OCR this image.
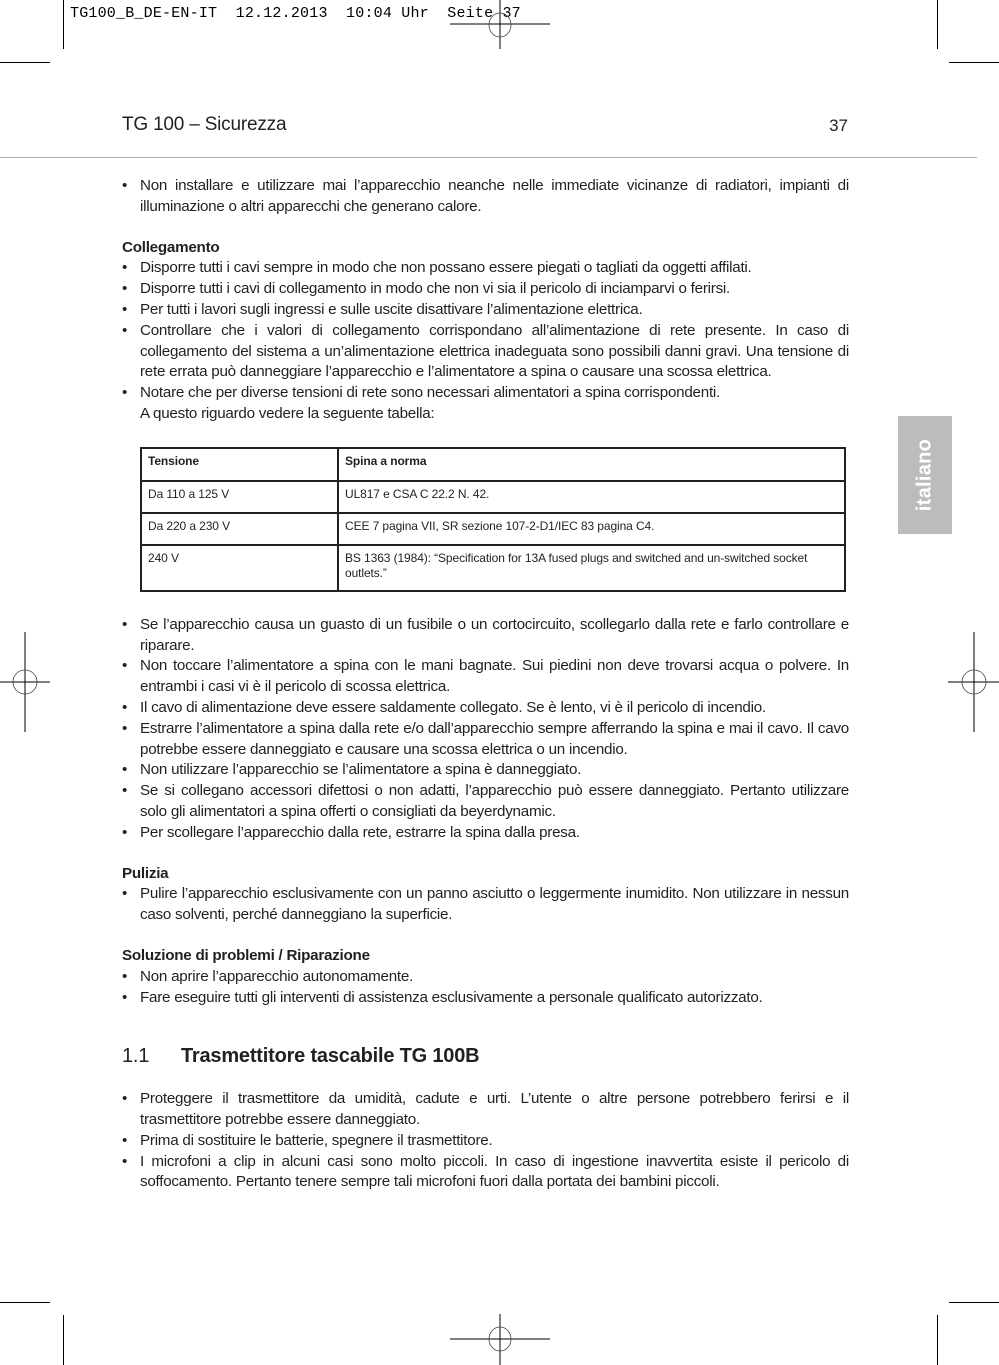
TG100_B_DE-EN-IT  12.12.2013  10:04 Uhr  Seite 37
TG 100 – Sicurezza	37
italiano
• Non installare e utilizzare mai l’apparecchio neanche nelle immediate vicinanze di radiatori, impianti di illuminazione o altri apparecchi che generano calore.
Collegamento
• Disporre tutti i cavi sempre in modo che non possano essere piegati o tagliati da oggetti affilati.
• Disporre tutti i cavi di collegamento in modo che non vi sia il pericolo di inciamparvi o ferirsi.
• Per tutti i lavori sugli ingressi e sulle uscite disattivare l’alimentazione elettrica.
• Controllare che i valori di collegamento corrispondano all’alimentazione di rete presente. In caso di collegamento del sistema a un’alimentazione elettrica inadeguata sono possibili danni gravi. Una tensione di rete errata può danneggiare l’apparecchio e l’alimentatore a spina o causare una scossa elettrica.
• Notare che per diverse tensioni di rete sono necessari alimentatori a spina corrispondenti.
A questo riguardo vedere la seguente tabella:
Tensione	Spina a norma
Da 110 a 125 V	UL817 e CSA C 22.2 N. 42.
Da 220 a 230 V	CEE 7 pagina VII, SR sezione 107-2-D1/IEC 83 pagina C4.
240 V	BS 1363 (1984): “Specification for 13A fused plugs and switched and un-switched socket outlets.”
• Se l’apparecchio causa un guasto di un fusibile o un cortocircuito, scollegarlo dalla rete e farlo controllare e riparare.
• Non toccare l’alimentatore a spina con le mani bagnate. Sui piedini non deve trovarsi acqua o polvere. In entrambi i casi vi è il pericolo di scossa elettrica.
• Il cavo di alimentazione deve essere saldamente collegato. Se è lento, vi è il pericolo di incendio.
• Estrarre l’alimentatore a spina dalla rete e/o dall’apparecchio sempre afferrando la spina e mai il cavo. Il cavo potrebbe essere danneggiato e causare una scossa elettrica o un incendio.
• Non utilizzare l’apparecchio se l’alimentatore a spina è danneggiato.
• Se si collegano accessori difettosi o non adatti, l’apparecchio può essere danneggiato. Pertanto utilizzare solo gli alimentatori a spina offerti o consigliati da beyerdynamic.
• Per scollegare l’apparecchio dalla rete, estrarre la spina dalla presa.
Pulizia
• Pulire l’apparecchio esclusivamente con un panno asciutto o leggermente inumidito. Non utilizzare in nessun caso solventi, perché danneggiano la superficie.
Soluzione di problemi / Riparazione
• Non aprire l’apparecchio autonomamente.
• Fare eseguire tutti gli interventi di assistenza esclusivamente a personale qualificato autorizzato.
1.1 Trasmettitore tascabile TG 100B
• Proteggere il trasmettitore da umidità, cadute e urti. L’utente o altre persone potrebbero ferirsi e il trasmettitore potrebbe essere danneggiato.
• Prima di sostituire le batterie, spegnere il trasmettitore.
• I microfoni a clip in alcuni casi sono molto piccoli. In caso di ingestione inavvertita esiste il pericolo di soffocamento. Pertanto tenere sempre tali microfoni fuori dalla portata dei bambini piccoli.
